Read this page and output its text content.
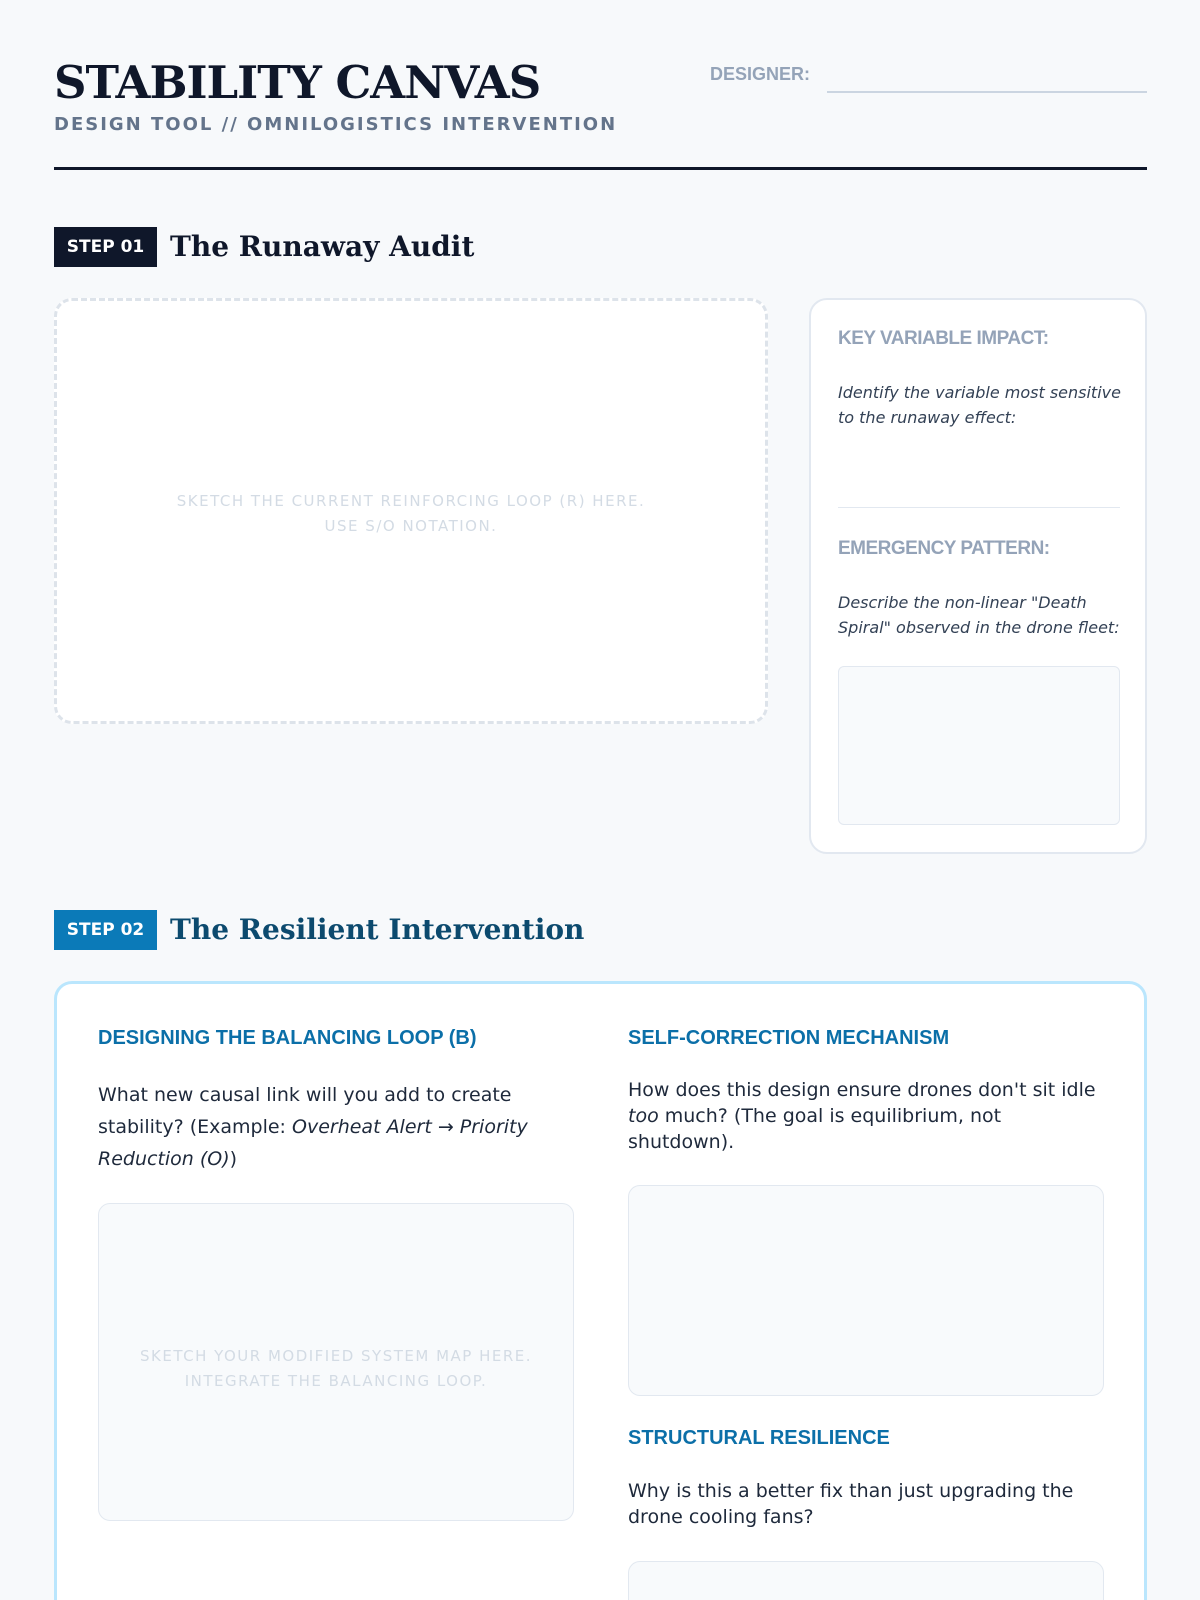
STABILITY CANVAS
DESIGN TOOL // OMNILOGISTICS INTERVENTION
DESIGNER:
STEP 01 The Runaway Audit
SKETCH THE CURRENT REINFORCING LOOP (R) HERE.
USE S/O NOTATION.
KEY VARIABLE IMPACT:
Identify the variable most sensitive to the runaway effect:
EMERGENCY PATTERN:
Describe the non-linear "Death Spiral" observed in the drone fleet:
STEP 02 The Resilient Intervention
DESIGNING THE BALANCING LOOP (B)
What new causal link will you add to create stability? (Example: Overheat Alert → Priority Reduction (O))
SKETCH YOUR MODIFIED SYSTEM MAP HERE.
INTEGRATE THE BALANCING LOOP.
SELF-CORRECTION MECHANISM
How does this design ensure drones don't sit idle too much? (The goal is equilibrium, not shutdown).
STRUCTURAL RESILIENCE
Why is this a better fix than just upgrading the drone cooling fans?
